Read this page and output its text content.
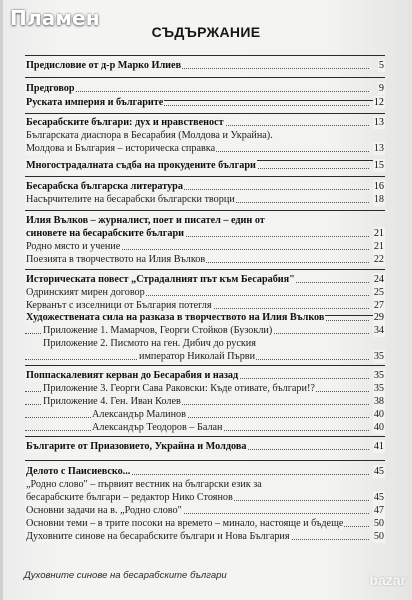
Пламен
СЪДЪРЖАНИЕ
Предисловие от д-р Марко Илиев	5
Предговор	9
Руската империя и българите	12
Бесарабските българи: дух и нравственост	13
Българската диаспора в Бесарабия (Молдова и Украйна).
Молдова и България – историческа справка	13
Многострадалната съдба на прокудените българи	15
Бесарабска българска литература	16
Насърчителите на бесарабски български творци	18
Илия Вълков – журналист, поет и писател – един от
синовете на бесарабските българи	21
Родно място и учение	21
Поезията в творчеството на Илия Вълков	22
Историческата повест „Страдалният път към Бесарабия"	24
Одринският мирен договор	25
Керванът с изселници от България потегля	27
Художествената сила на разказа в творчеството на Илия Вълков	29
Приложение 1. Мамарчов, Георги Стойков (Бузокли)	34
Приложение 2. Писмото на ген. Дибич до руския
император Николай Първи	35
Поппаскалевият керван до Бесарабия и назад	35
Приложение 3. Георги Сава Раковски: Къде отивате, българи!?	35
Приложение 4. Ген. Иван Колев	38
Александър Малинов	40
Александър Теодоров – Балан	40
Българите от Приазовието, Украйна и Молдова	41
Делото с Паисиевско...	45
„Родно слово" – първият вестник на български език за
бесарабските българи – редактор Нико Стоянов	45
Основни задачи на в. „Родно слово"	47
Основни теми – в трите посоки на времето – минало, настояще и бъдеще	50
Духовните синове на бесарабските българи и Нова България	50
Духовните синове на бесарабските българи	bazar
